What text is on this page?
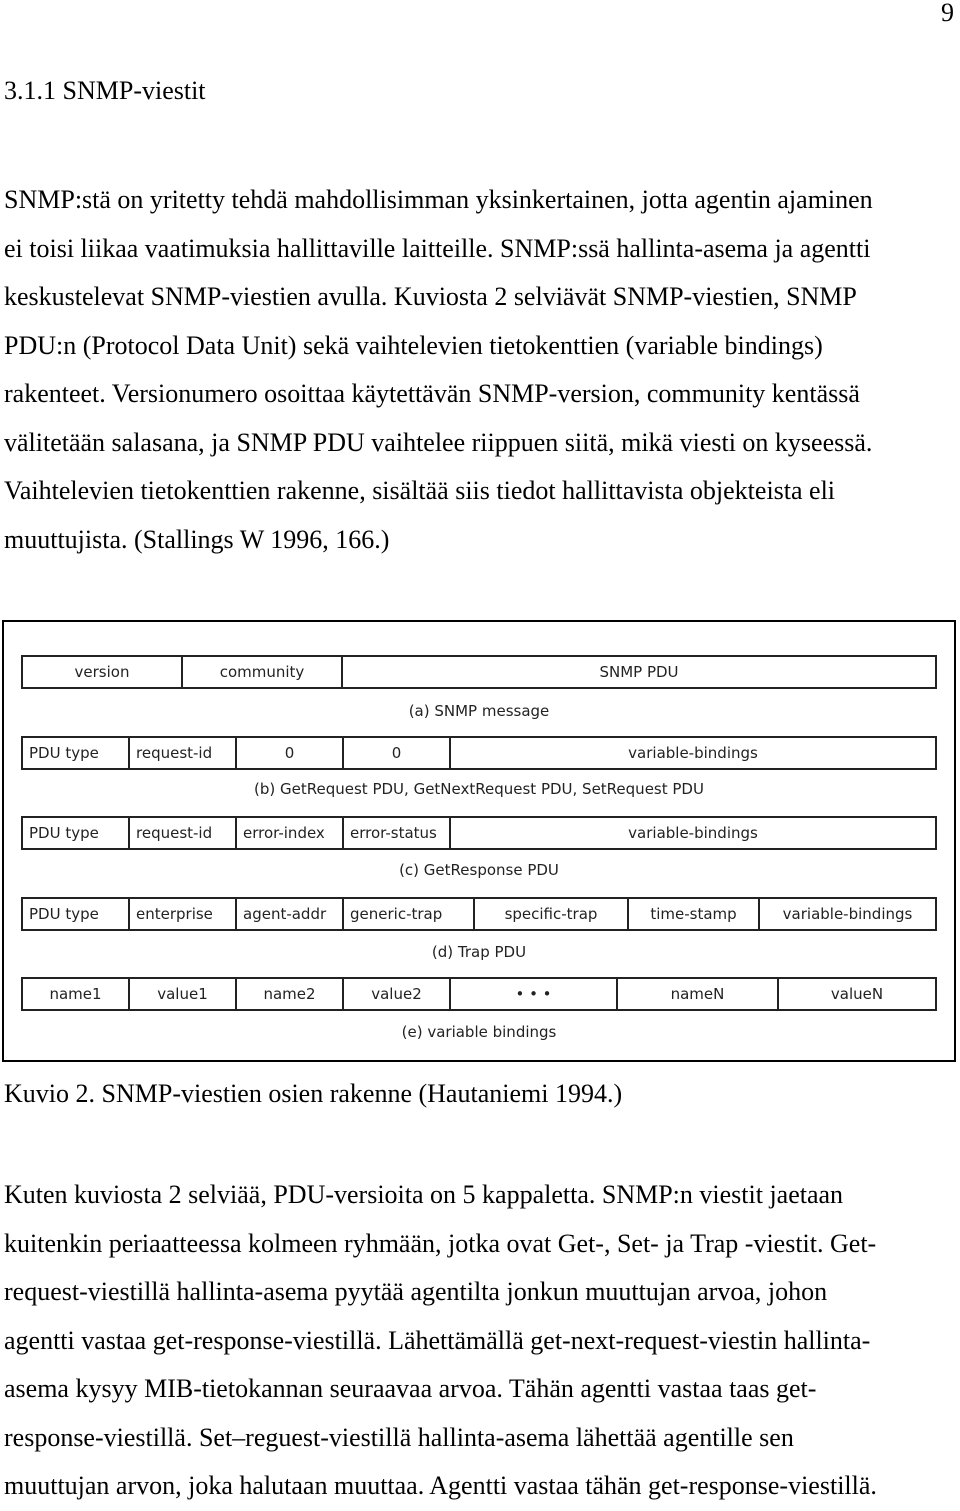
9
3.1.1 SNMP-viestit

SNMP:stä on yritetty tehdä mahdollisimman yksinkertainen, jotta agentin ajaminen
ei toisi liikaa vaatimuksia hallittaville laitteille. SNMP:ssä hallinta-asema ja agentti
keskustelevat SNMP-viestien avulla. Kuviosta 2 selviävät SNMP-viestien, SNMP
PDU:n (Protocol Data Unit) sekä vaihtelevien tietokenttien (variable bindings)
rakenteet. Versionumero osoittaa käytettävän SNMP-version, community kentässä
välitetään salasana, ja SNMP PDU vaihtelee riippuen siitä, mikä viesti on kyseessä.
Vaihtelevien tietokenttien rakenne, sisältää siis tiedot hallittavista objekteista eli
muuttujista. (Stallings W 1996, 166.)

version	community	SNMP PDU
(a) SNMP message
PDU type	request-id	0	0	variable-bindings
(b) GetRequest PDU, GetNextRequest PDU, SetRequest PDU
PDU type	request-id	error-index	error-status	variable-bindings
(c) GetResponse PDU
PDU type	enterprise	agent-addr	generic-trap	specific-trap	time-stamp	variable-bindings
(d) Trap PDU
name1	value1	name2	value2	• • •	nameN	valueN
(e) variable bindings

Kuvio 2. SNMP-viestien osien rakenne (Hautaniemi 1994.)

Kuten kuviosta 2 selviää, PDU-versioita on 5 kappaletta. SNMP:n viestit jaetaan
kuitenkin periaatteessa kolmeen ryhmään, jotka ovat Get-, Set- ja Trap -viestit. Get-
request-viestillä hallinta-asema pyytää agentilta jonkun muuttujan arvoa, johon
agentti vastaa get-response-viestillä. Lähettämällä get-next-request-viestin hallinta-
asema kysyy MIB-tietokannan seuraavaa arvoa. Tähän agentti vastaa taas get-
response-viestillä. Set–reguest-viestillä hallinta-asema lähettää agentille sen
muuttujan arvon, joka halutaan muuttaa. Agentti vastaa tähän get-response-viestillä.
